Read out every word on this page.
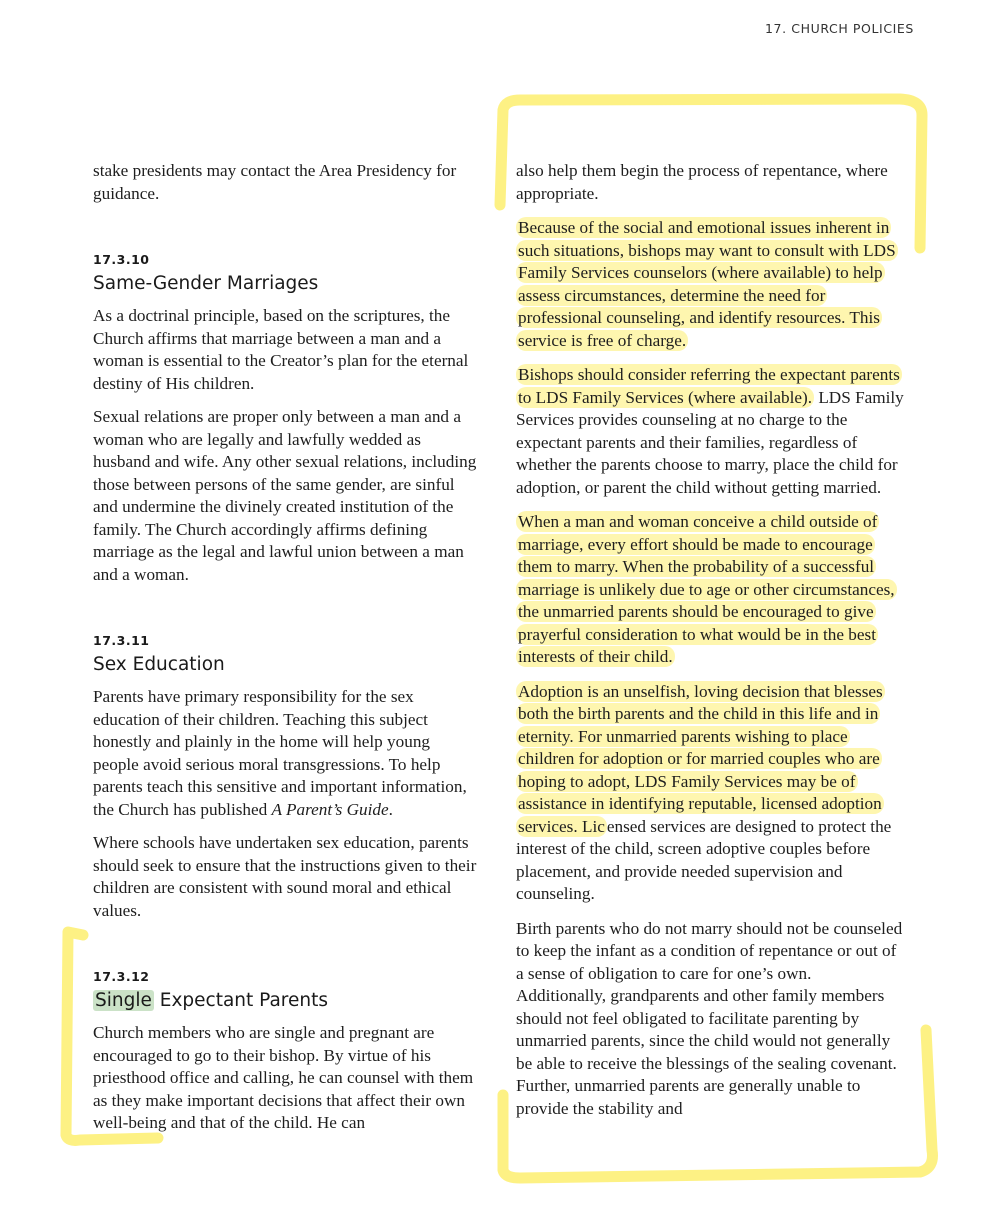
17. CHURCH POLICIES

stake presidents may contact the Area Presidency for guidance.

17.3.10
Same-Gender Marriages

As a doctrinal principle, based on the scriptures, the Church affirms that marriage between a man and a woman is essential to the Creator’s plan for the eternal destiny of His children.

Sexual relations are proper only between a man and a woman who are legally and lawfully wedded as husband and wife. Any other sexual relations, including those between persons of the same gender, are sinful and undermine the divinely created institution of the family. The Church accordingly affirms defining marriage as the legal and lawful union between a man and a woman.

17.3.11
Sex Education

Parents have primary responsibility for the sex education of their children. Teaching this subject honestly and plainly in the home will help young people avoid serious moral transgressions. To help parents teach this sensitive and important information, the Church has published A Parent’s Guide.

Where schools have undertaken sex education, parents should seek to ensure that the instructions given to their children are consistent with sound moral and ethical values.

17.3.12
Single Expectant Parents

Church members who are single and pregnant are encouraged to go to their bishop. By virtue of his priesthood office and calling, he can counsel with them as they make important decisions that affect their own well-being and that of the child. He can

also help them begin the process of repentance, where appropriate.

Because of the social and emotional issues inherent in such situations, bishops may want to consult with LDS Family Services counselors (where available) to help assess circumstances, determine the need for professional counseling, and identify resources. This service is free of charge.

Bishops should consider referring the expectant parents to LDS Family Services (where available). LDS Family Services provides counseling at no charge to the expectant parents and their families, regardless of whether the parents choose to marry, place the child for adoption, or parent the child without getting married.

When a man and woman conceive a child outside of marriage, every effort should be made to encourage them to marry. When the probability of a successful marriage is unlikely due to age or other circumstances, the unmarried parents should be encouraged to give prayerful consideration to what would be in the best interests of their child.

Adoption is an unselfish, loving decision that blesses both the birth parents and the child in this life and in eternity. For unmarried parents wishing to place children for adoption or for married couples who are hoping to adopt, LDS Family Services may be of assistance in identifying reputable, licensed adoption services. Lic ensed services are designed to protect the interest of the child, screen adoptive couples before placement, and provide needed supervision and counseling.

Birth parents who do not marry should not be counseled to keep the infant as a condition of repentance or out of a sense of obligation to care for one’s own. Additionally, grandparents and other family members should not feel obligated to facilitate parenting by unmarried parents, since the child would not generally be able to receive the blessings of the sealing covenant. Further, unmarried parents are generally unable to provide the stability and
